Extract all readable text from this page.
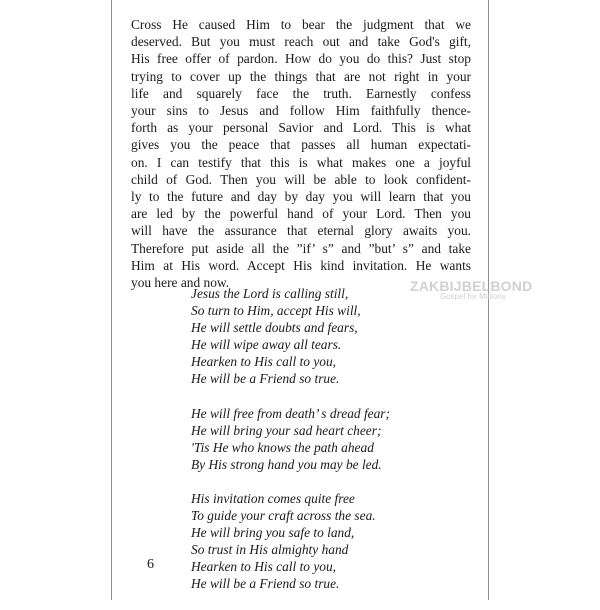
Cross He caused Him to bear the judgment that we
deserved. But you must reach out and take God's gift,
His free offer of pardon. How do you do this? Just stop
trying to cover up the things that are not right in your
life and squarely face the truth. Earnestly confess
your sins to Jesus and follow Him faithfully thence-
forth as your personal Savior and Lord. This is what
gives you the peace that passes all human expectati-
on. I can testify that this is what makes one a joyful
child of God. Then you will be able to look confident-
ly to the future and day by day you will learn that you
are led by the powerful hand of your Lord. Then you
will have the assurance that eternal glory awaits you.
Therefore put aside all the ”if’ s” and ”but’ s” and take
Him at His word. Accept His kind invitation. He wants
you here and now.
Jesus the Lord is calling still,
So turn to Him, accept His will,
He will settle doubts and fears,
He will wipe away all tears.
Hearken to His call to you,
He will be a Friend so true.
He will free from death’ s dread fear;
He will bring your sad heart cheer;
'Tis He who knows the path ahead
By His strong hand you may be led.
His invitation comes quite free
To guide your craft across the sea.
He will bring you safe to land,
So trust in His almighty hand
Hearken to His call to you,
He will be a Friend so true.
ZAKBIJBELBOND
Gospel for Millions
6
